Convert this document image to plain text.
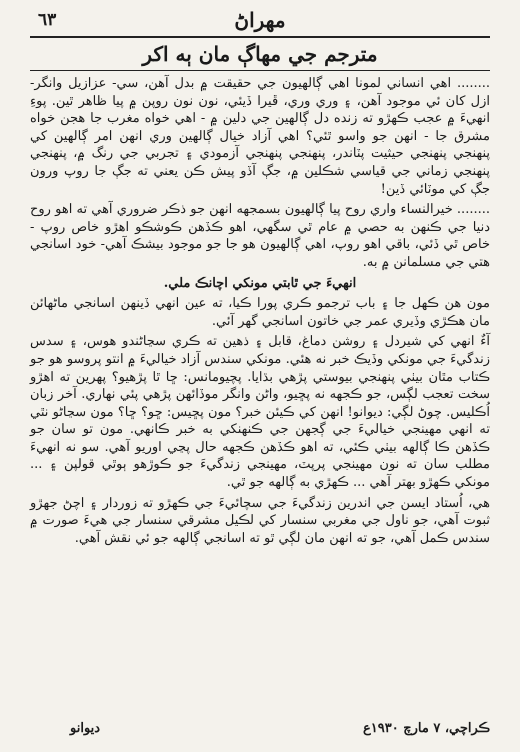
٦٣	مهراڻ
مترجم جي مهاڳ مان ٻه اکر

........ اهي انساني لمونا اهي ڳالهيون جي حقيقت ۾ بدل آهن، سي- عزازيل وانگر- ازل کان ئي موجود آهن، ۽ وري وري، ڦيرا ڏيئي، نون نون روپن ۾ پيا ظاهر ٿين. پوءِ انهيءَ ۾ عجب ڪهڙو ته زنده دل ڳالهين جي دلين ۾ - اهي خواه مغرب جا هجن خواه مشرق جا - انهن جو واسو ٿئي؟ اهي آزاد خيال ڳالهين وري انهن امر ڳالهين کي پنهنجي پنهنجي حيثيت پٽاندر، پنهنجي پنهنجي آزمودي ۽ تجربي جي رنگ ۾، پنهنجي پنهنجي زماني جي قياسي شڪلين ۾، جڳ آڏو پيش ڪن يعني ته جڳ جا روپ ورون جڳ کي موٽائي ڏين!

........ خيرالنساء واري روح پيا ڳالهيون بسمجهه انهن جو ذڪر ضروري آهي ته اهو روح دنيا جي ڪنهن به حصي ۾ عام ٿي سگهي، اهو ڪڏهن ڪوشڪو اهڙو خاص روپ - خاص ٿي ڏئي، باقي اهو روپ، اهي ڳالهيون هو جا جو موجود بيشڪ آهي- خود اسانجي هتي جي مسلمانن ۾ به.

انهيءَ جي ٿابتي مونکي اچانڪ ملي.

مون هن ڪهل جا ۽ باب ترجمو ڪري پورا ڪيا، ته عين انهي ڏينهن اسانجي ماڻهائن مان هڪڙي وڏيري عمر جي خاتون اسانجي گهر آئي.

آءٌ انهي کي شيردل ۽ روشن دماغ، قابل ۽ ذهين ته ڪري سڃاڻندو هوس، ۽ سدس زندگيءَ جي مونکي وڏيڪ خبر نه هئي. مونکي سندس آزاد خياليءَ ۾ انتو پروسو هو جو ڪتاب مٿان بيٺي پنهنجي بيوستي پڙهي بڌايا. پچيومانس: ڇا ٿا پڙهيو؟ پهرين ته اهڙو سخت تعجب لڳس، جو ڪجهه نه پڇيو، واڻن وانگر موڏائهن پڙهي پئي نهاري. آخر زبان اُڪليس. چوڻ لڳي: ديوانو! انهن کي ڪيئن خبر؟ مون پڇيس: ڇو؟ ڇا؟ مون سڃاڻو نٿي ته انهي مهينجي خياليءَ جي ڳجهن جي ڪنهنکي به خبر ڪانهي. مون تو سان جو ڪڏهن ڪا ڳالهه بيٺي ڪئي، ته اهو ڪڏهن ڪجهه حال پڃي اوريو آهي. سو نه انهيءَ مطلب سان ته نون مهينجي پرپٽ، مهينجي زندگيءَ جو ڪوڙهو ٻوٿي قولپن ۽ ... مونکي ڪهڙو بهتر آهي ... ڪهڙي به ڳالهه جو ٿي.

هي، اُستاد ايسن جي اندرين زندگيءَ جي سچائيءَ جي ڪهڙو ته زوردار ۽ اچڻ جهڙو ثبوت آهي، جو ناول جي مغربي سنسار کي لڪيل مشرقي سنسار جي هيءَ صورت ۾ سندس ڪمل آهي، جو ته انهن مان لڳي ٿو ته اسانجي ڳالهه جو ئي نقش آهي.

ڪراچي، ٧ مارچ ١٩٣٠ع
ديوانو
